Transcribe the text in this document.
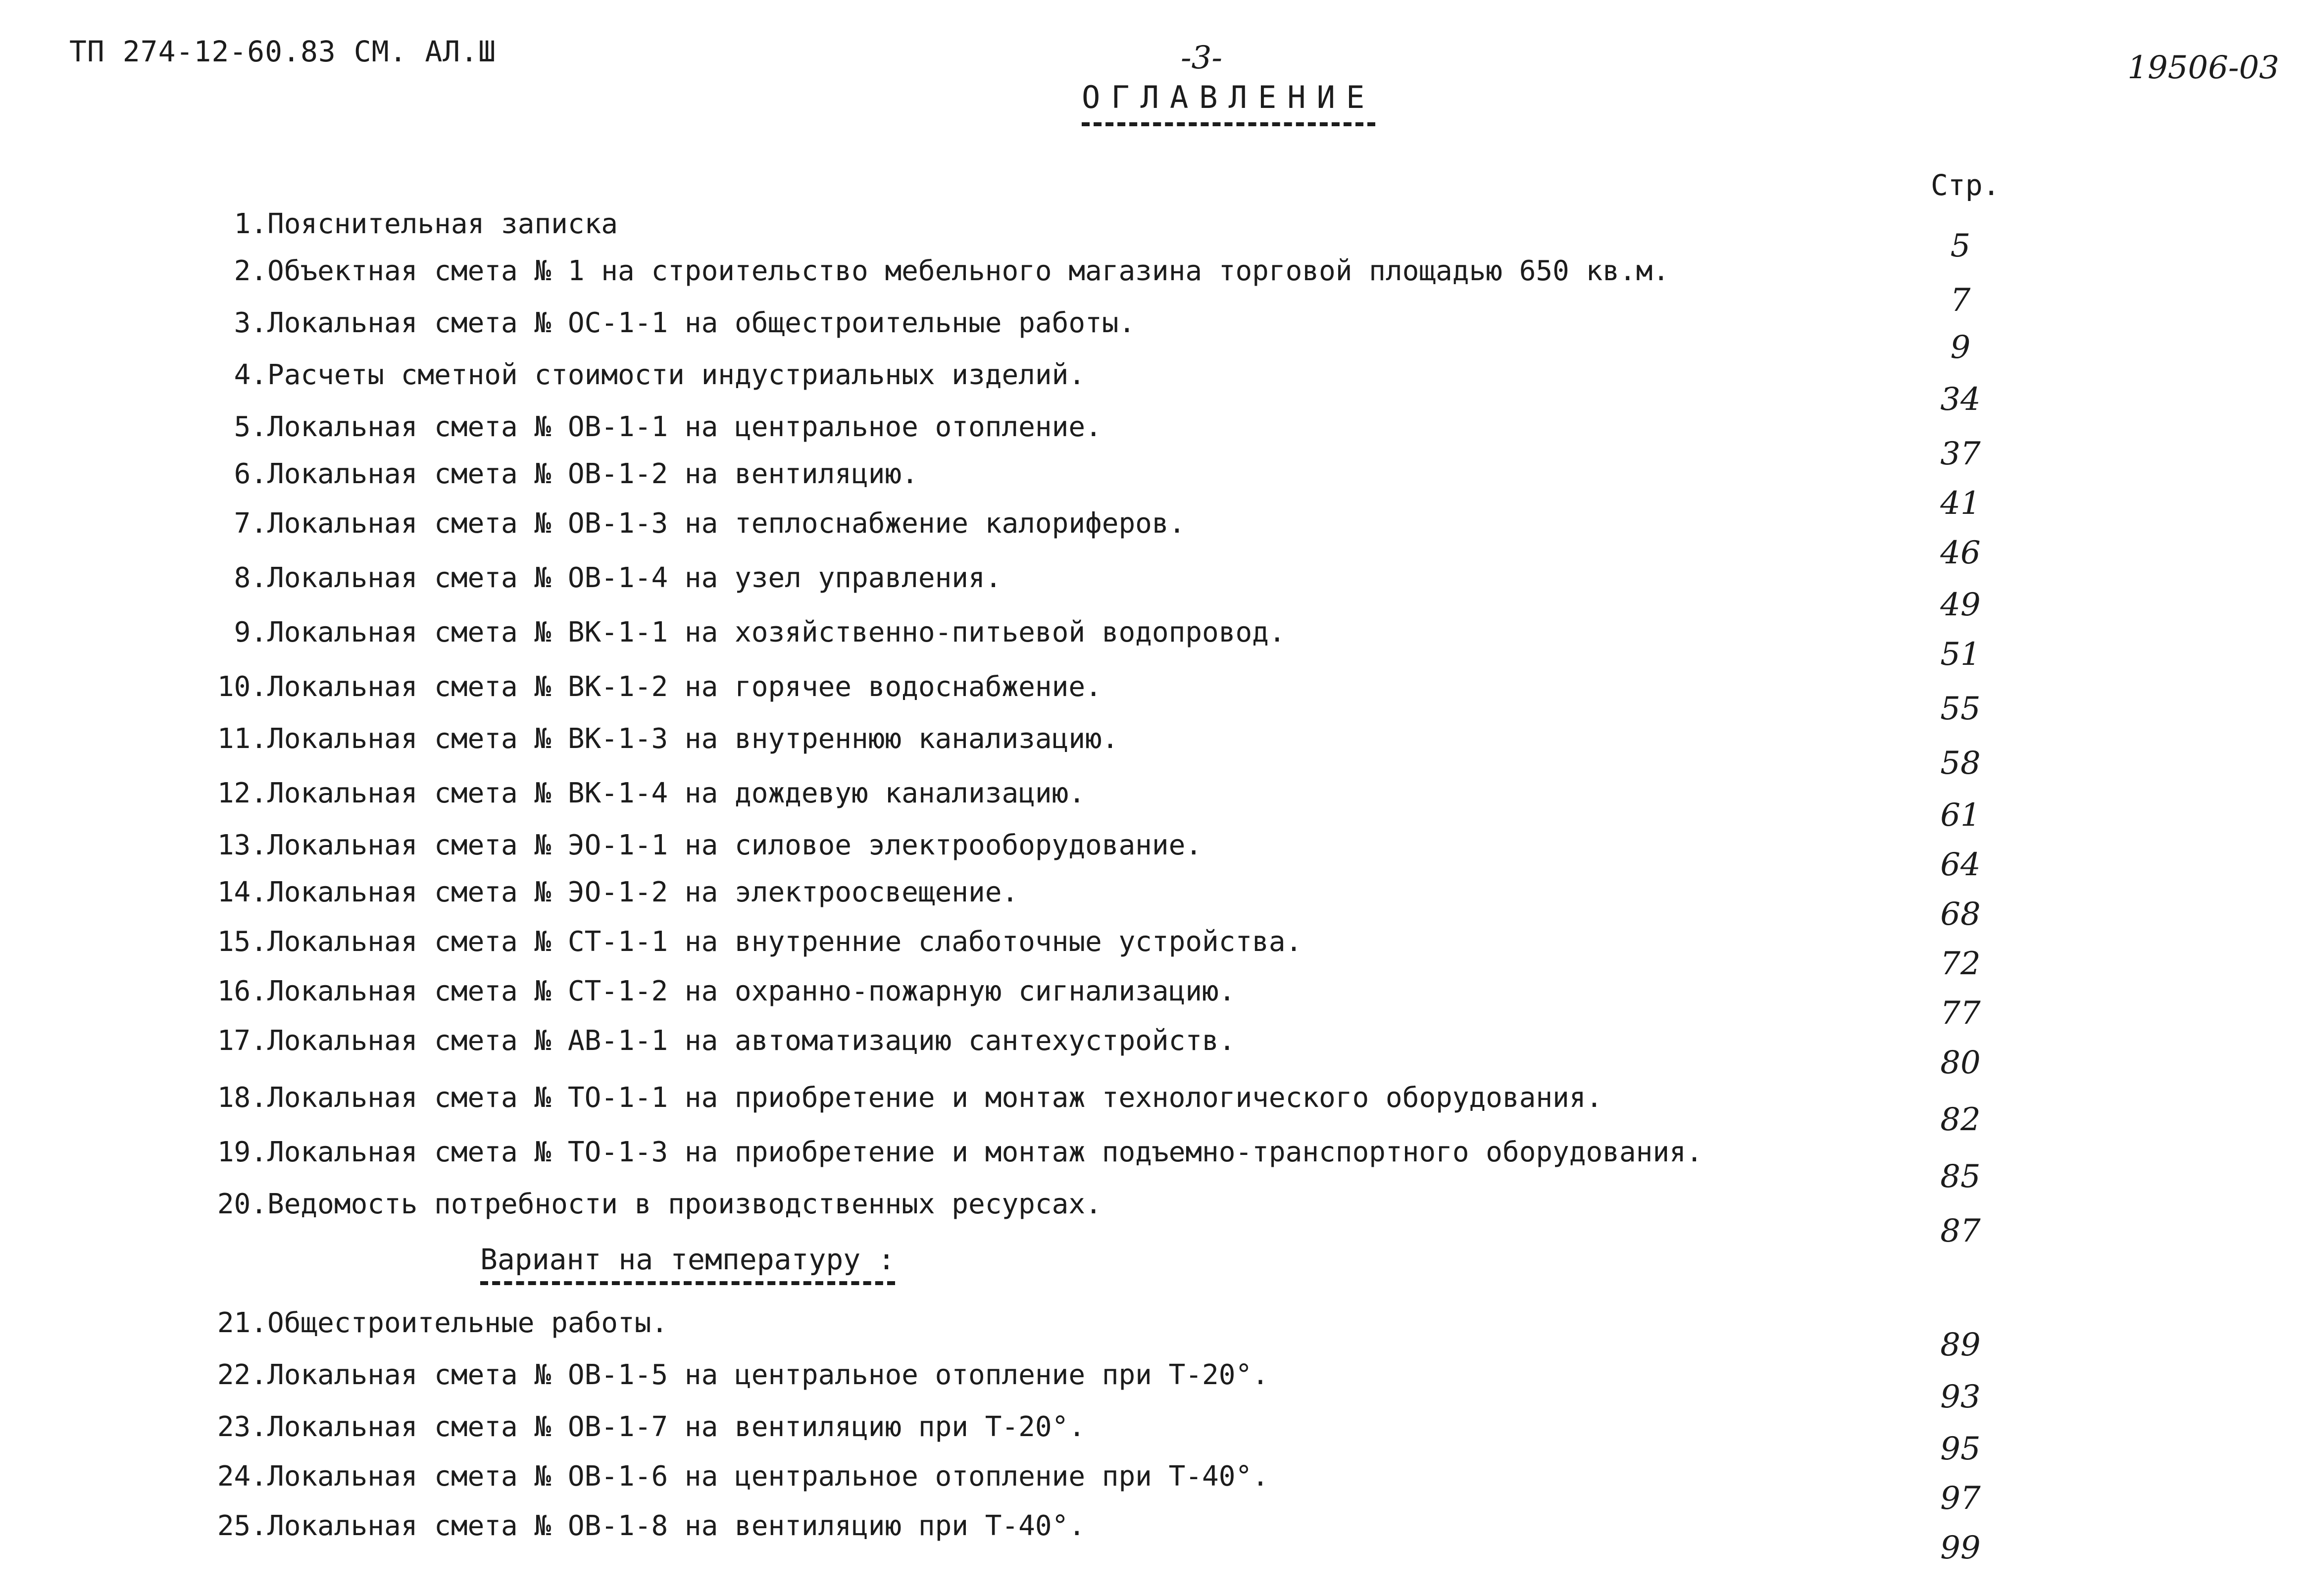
ТП 274-12-60.83 СМ. АЛ.Ш	-3-	19506-03
ОГЛАВЛЕНИЕ
Стр.
1. Пояснительная записка
5
2. Объектная смета № 1 на строительство мебельного магазина торговой площадью 650 кв.м.
7
3. Локальная смета № ОС-1-1 на общестроительные работы.
9
4. Расчеты сметной стоимости индустриальных изделий.
34
5. Локальная смета № ОВ-1-1 на центральное отопление.
37
6. Локальная смета № ОВ-1-2 на вентиляцию.
41
7. Локальная смета № ОВ-1-3 на теплоснабжение калориферов.
46
8. Локальная смета № ОВ-1-4 на узел управления.
49
9. Локальная смета № ВК-1-1 на хозяйственно-питьевой водопровод.
51
10. Локальная смета № ВК-1-2 на горячее водоснабжение.
55
11. Локальная смета № ВК-1-3 на внутреннюю канализацию.
58
12. Локальная смета № ВК-1-4 на дождевую канализацию.
61
13. Локальная смета № ЭО-1-1 на силовое электрооборудование.
64
14. Локальная смета № ЭО-1-2 на электроосвещение.
68
15. Локальная смета № СТ-1-1 на внутренние слаботочные устройства.
72
16. Локальная смета № СТ-1-2 на охранно-пожарную сигнализацию.
77
17. Локальная смета № АВ-1-1 на автоматизацию сантехустройств.
80
18. Локальная смета № ТО-1-1 на приобретение и монтаж технологического оборудования.
82
19. Локальная смета № ТО-1-3 на приобретение и монтаж подъемно-транспортного оборудования.
85
20. Ведомость потребности в производственных ресурсах.
87
Вариант на температуру :
21. Общестроительные работы.
89
22. Локальная смета № ОВ-1-5 на центральное отопление при Т-20°.
93
23. Локальная смета № ОВ-1-7 на вентиляцию при Т-20°.
95
24. Локальная смета № ОВ-1-6 на центральное отопление при Т-40°.
97
25. Локальная смета № ОВ-1-8 на вентиляцию при Т-40°.
99
